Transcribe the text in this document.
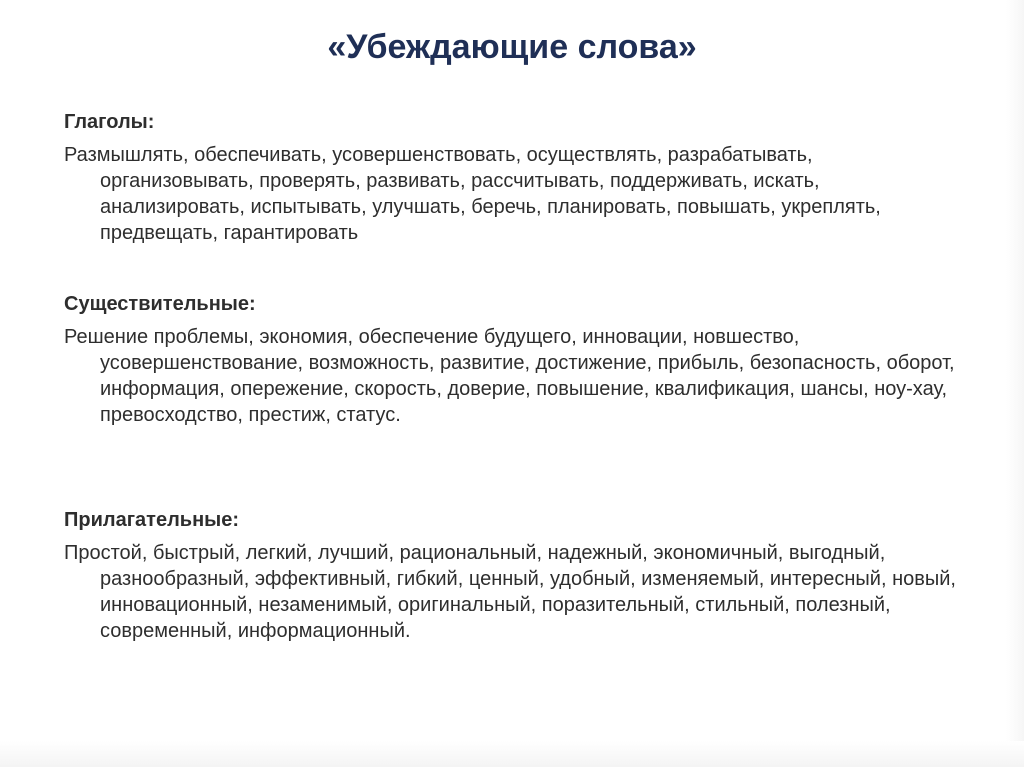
«Убеждающие слова»
Глаголы:
Размышлять, обеспечивать, усовершенствовать, осуществлять, разрабатывать, организовывать, проверять, развивать, рассчитывать, поддерживать, искать, анализировать, испытывать, улучшать, беречь, планировать, повышать, укреплять, предвещать, гарантировать
Существительные:
Решение проблемы, экономия, обеспечение будущего, инновации, новшество, усовершенствование, возможность, развитие, достижение, прибыль, безопасность, оборот, информация, опережение, скорость, доверие, повышение, квалификация, шансы, ноу-хау, превосходство, престиж, статус.
Прилагательные:
Простой, быстрый, легкий, лучший, рациональный, надежный, экономичный, выгодный, разнообразный, эффективный, гибкий, ценный, удобный, изменяемый, интересный, новый, инновационный, незаменимый, оригинальный, поразительный, стильный, полезный, современный, информационный.
